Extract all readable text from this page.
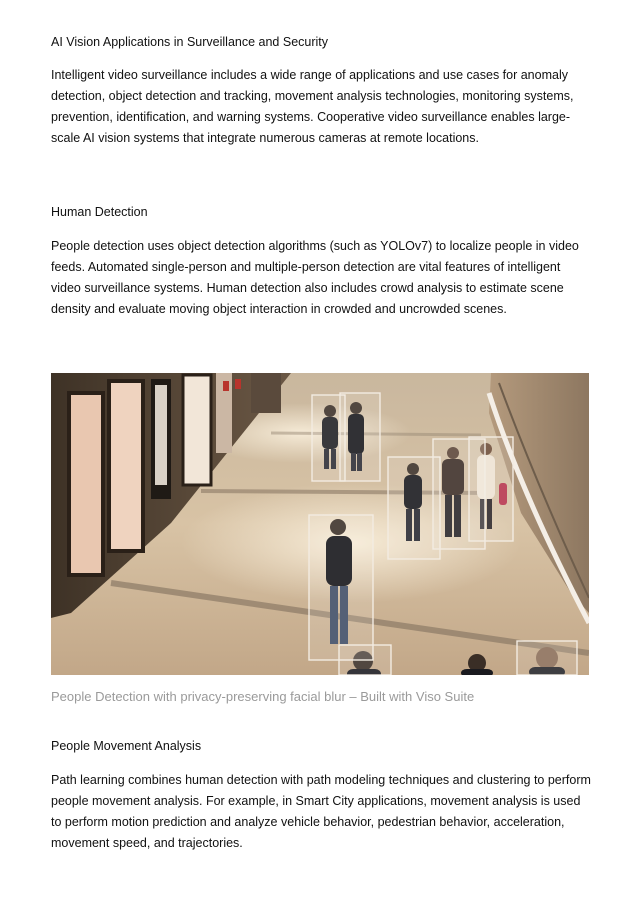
AI Vision Applications in Surveillance and Security

Intelligent video surveillance includes a wide range of applications and use cases for anomaly detection, object detection and tracking, movement analysis technologies, monitoring systems, prevention, identification, and warning systems. Cooperative video surveillance enables large-scale AI vision systems that integrate numerous cameras at remote locations.

Human Detection

People detection uses object detection algorithms (such as YOLOv7) to localize people in video feeds. Automated single-person and multiple-person detection are vital features of intelligent video surveillance systems. Human detection also includes crowd analysis to estimate scene density and evaluate moving object interaction in crowded and uncrowded scenes.

People Detection with privacy-preserving facial blur – Built with Viso Suite

People Movement Analysis

Path learning combines human detection with path modeling techniques and clustering to perform people movement analysis. For example, in Smart City applications, movement analysis is used to perform motion prediction and analyze vehicle behavior, pedestrian behavior, acceleration, movement speed, and trajectories.
